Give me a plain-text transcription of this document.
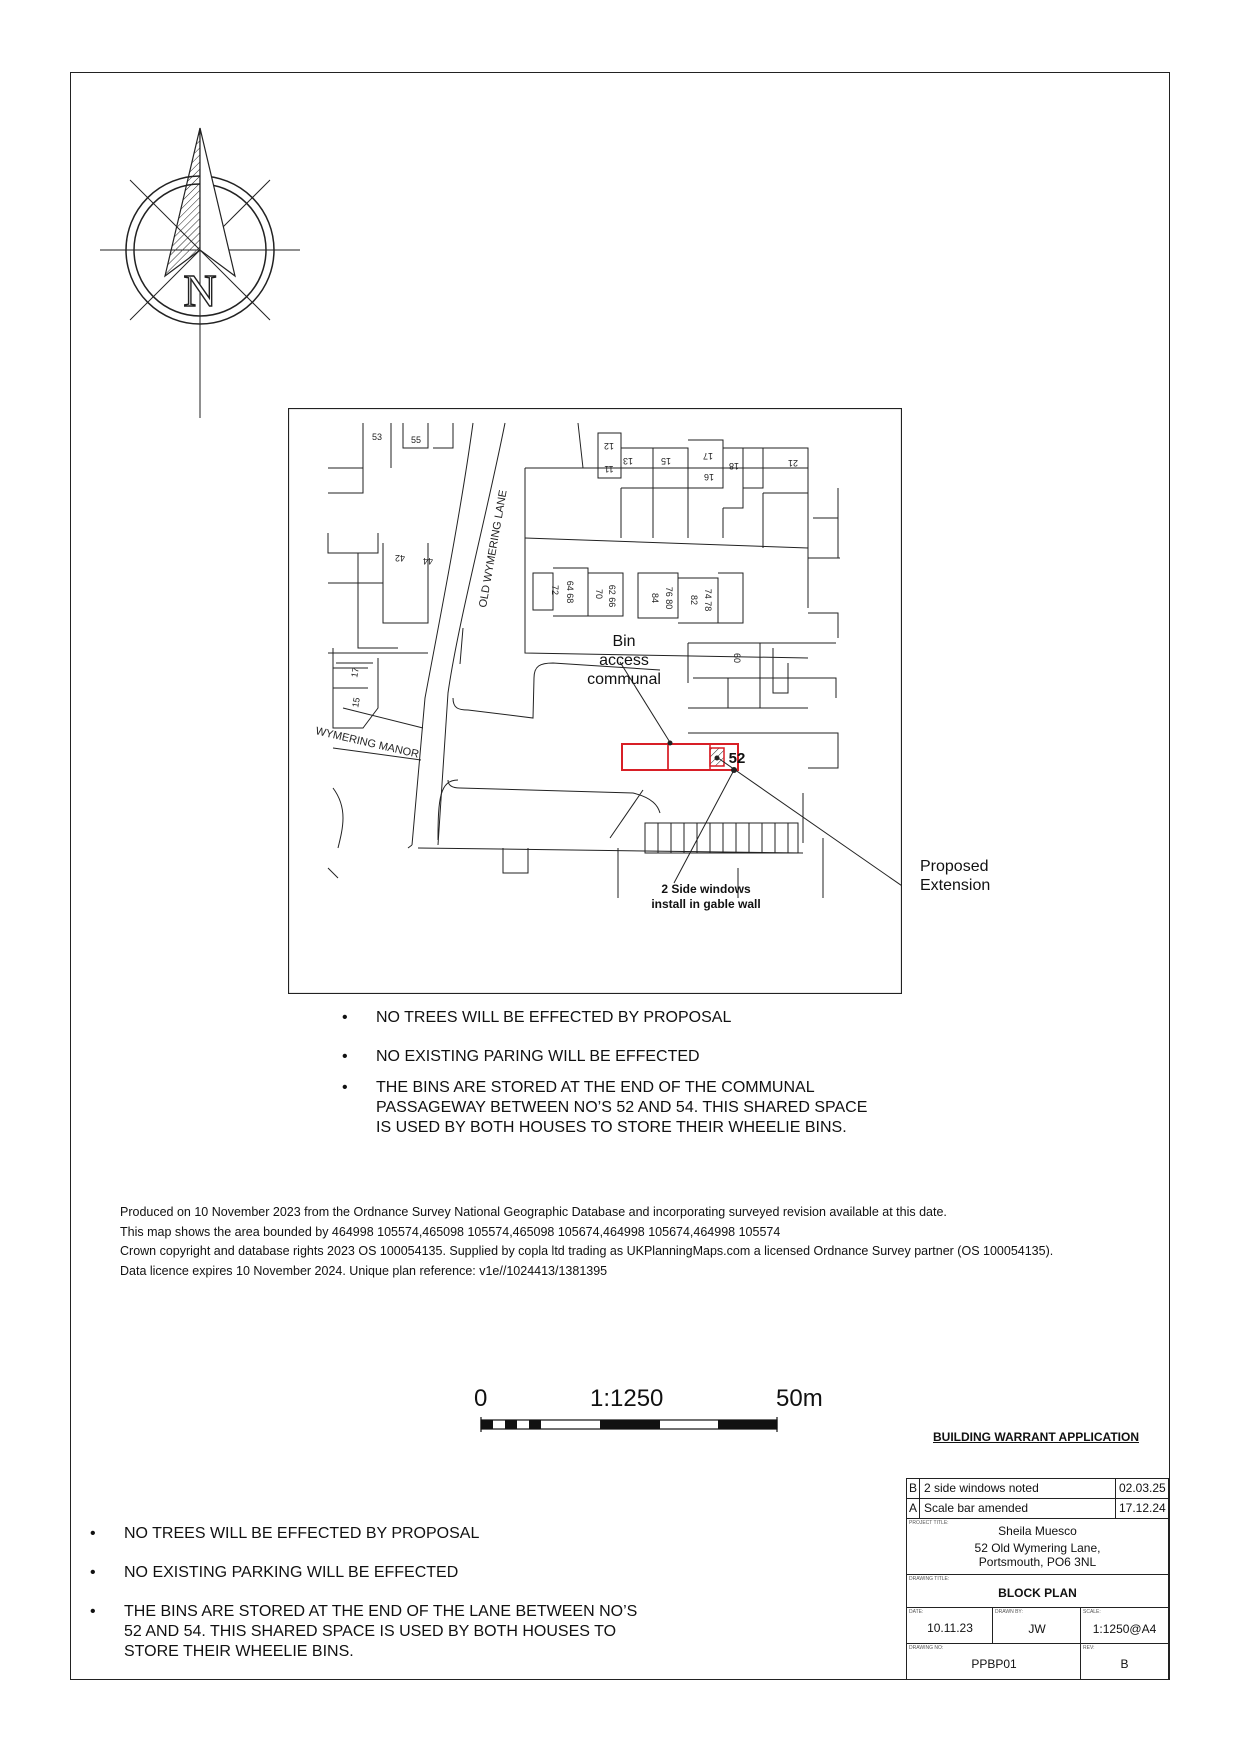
N
OLD WYMERING LANE
WYMERING MANOR
53	55
12
11
13	15	17
16
18	21
42 44
72 64 68	62 66
70	76 80
84	74 78
82
60
17
15
52
Bin
access
communal
2 Side windows
install in gable wall
Proposed
Extension
• NO TREES WILL BE EFFECTED BY PROPOSAL
• NO EXISTING PARING WILL BE EFFECTED
• THE BINS ARE STORED AT THE END OF THE COMMUNAL PASSAGEWAY BETWEEN NO’S 52 AND 54. THIS SHARED SPACE IS USED BY BOTH HOUSES TO STORE THEIR WHEELIE BINS.
Produced on 10 November 2023 from the Ordnance Survey National Geographic Database and incorporating surveyed revision available at this date.
This map shows the area bounded by 464998 105574,465098 105574,465098 105674,464998 105674,464998 105574
Crown copyright and database rights 2023 OS 100054135. Supplied by copla ltd trading as UKPlanningMaps.com a licensed Ordnance Survey partner (OS 100054135).
Data licence expires 10 November 2024. Unique plan reference: v1e//1024413/1381395
0	1:1250	50m
BUILDING WARRANT APPLICATION
• NO TREES WILL BE EFFECTED BY PROPOSAL
• NO EXISTING PARKING WILL BE EFFECTED
• THE BINS ARE STORED AT THE END OF THE LANE BETWEEN NO’S 52 AND 54. THIS SHARED SPACE IS USED BY BOTH HOUSES TO STORE THEIR WHEELIE BINS.
B 2 side windows noted	02.03.25
A Scale bar amended	17.12.24
PROJECT TITLE:
Sheila Muesco
52 Old Wymering Lane,
Portsmouth, PO6 3NL
DRAWING TITLE:
BLOCK PLAN
DATE:
10.11.23
DRAWN BY:
JW
SCALE:
1:1250@A4
DRAWING NO:
PPBP01
REV:
B
